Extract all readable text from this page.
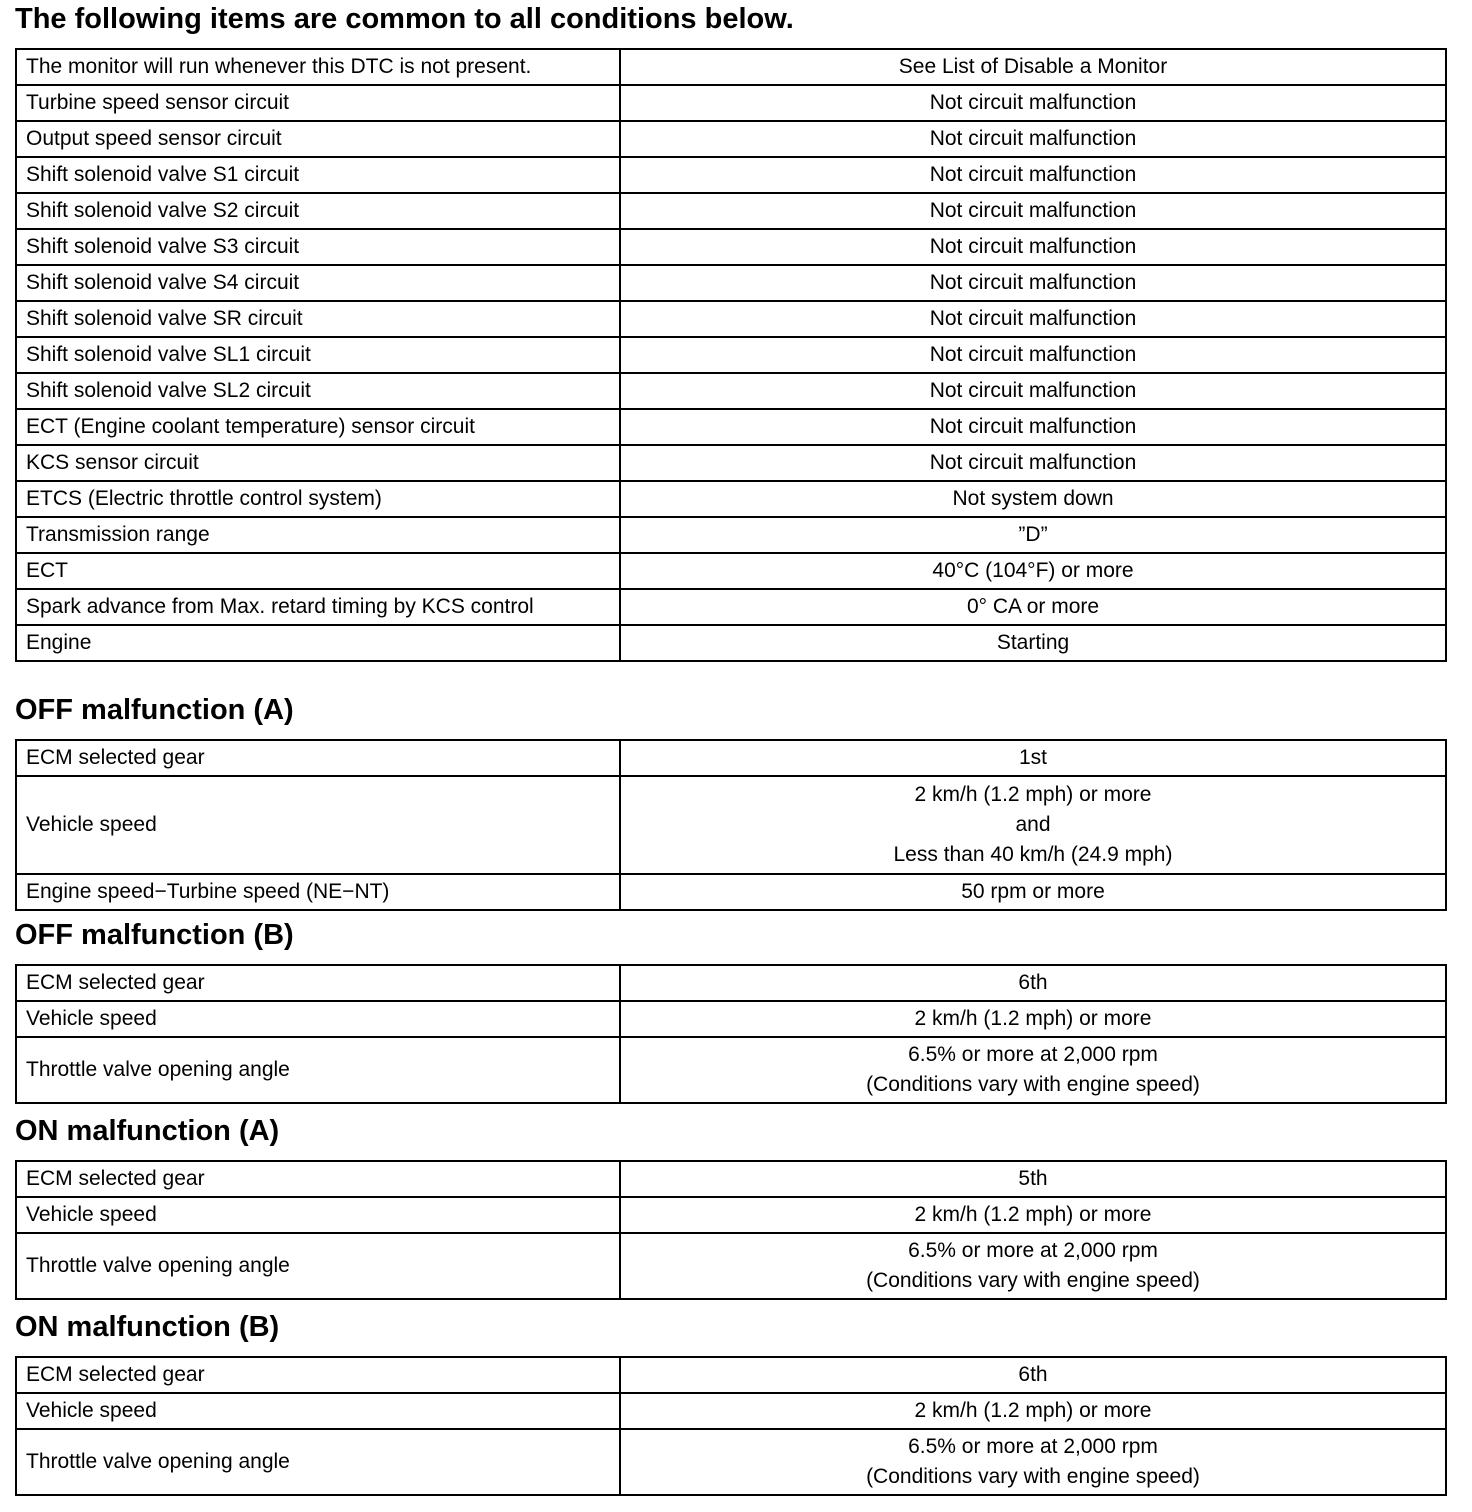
The following items are common to all conditions below.
The monitor will run whenever this DTC is not present.	See List of Disable a Monitor

Turbine speed sensor circuit	Not circuit malfunction

Output speed sensor circuit	Not circuit malfunction

Shift solenoid valve S1 circuit	Not circuit malfunction

Shift solenoid valve S2 circuit	Not circuit malfunction

Shift solenoid valve S3 circuit	Not circuit malfunction

Shift solenoid valve S4 circuit	Not circuit malfunction

Shift solenoid valve SR circuit	Not circuit malfunction

Shift solenoid valve SL1 circuit	Not circuit malfunction

Shift solenoid valve SL2 circuit	Not circuit malfunction

ECT (Engine coolant temperature) sensor circuit	Not circuit malfunction

KCS sensor circuit	Not circuit malfunction

ETCS (Electric throttle control system)	Not system down

Transmission range	”D”

ECT	40°C (104°F) or more

Spark advance from Max. retard timing by KCS control	0° CA or more

Engine	Starting
OFF malfunction (A)
ECM selected gear	1st

Vehicle speed	2 km/h (1.2 mph) or more
and
Less than 40 km/h (24.9 mph)

Engine speed−Turbine speed (NE−NT)	50 rpm or more
OFF malfunction (B)
ECM selected gear	6th

Vehicle speed	2 km/h (1.2 mph) or more

Throttle valve opening angle	6.5% or more at 2,000 rpm
(Conditions vary with engine speed)
ON malfunction (A)
ECM selected gear	5th

Vehicle speed	2 km/h (1.2 mph) or more

Throttle valve opening angle	6.5% or more at 2,000 rpm
(Conditions vary with engine speed)
ON malfunction (B)
ECM selected gear	6th

Vehicle speed	2 km/h (1.2 mph) or more

Throttle valve opening angle	6.5% or more at 2,000 rpm
(Conditions vary with engine speed)
